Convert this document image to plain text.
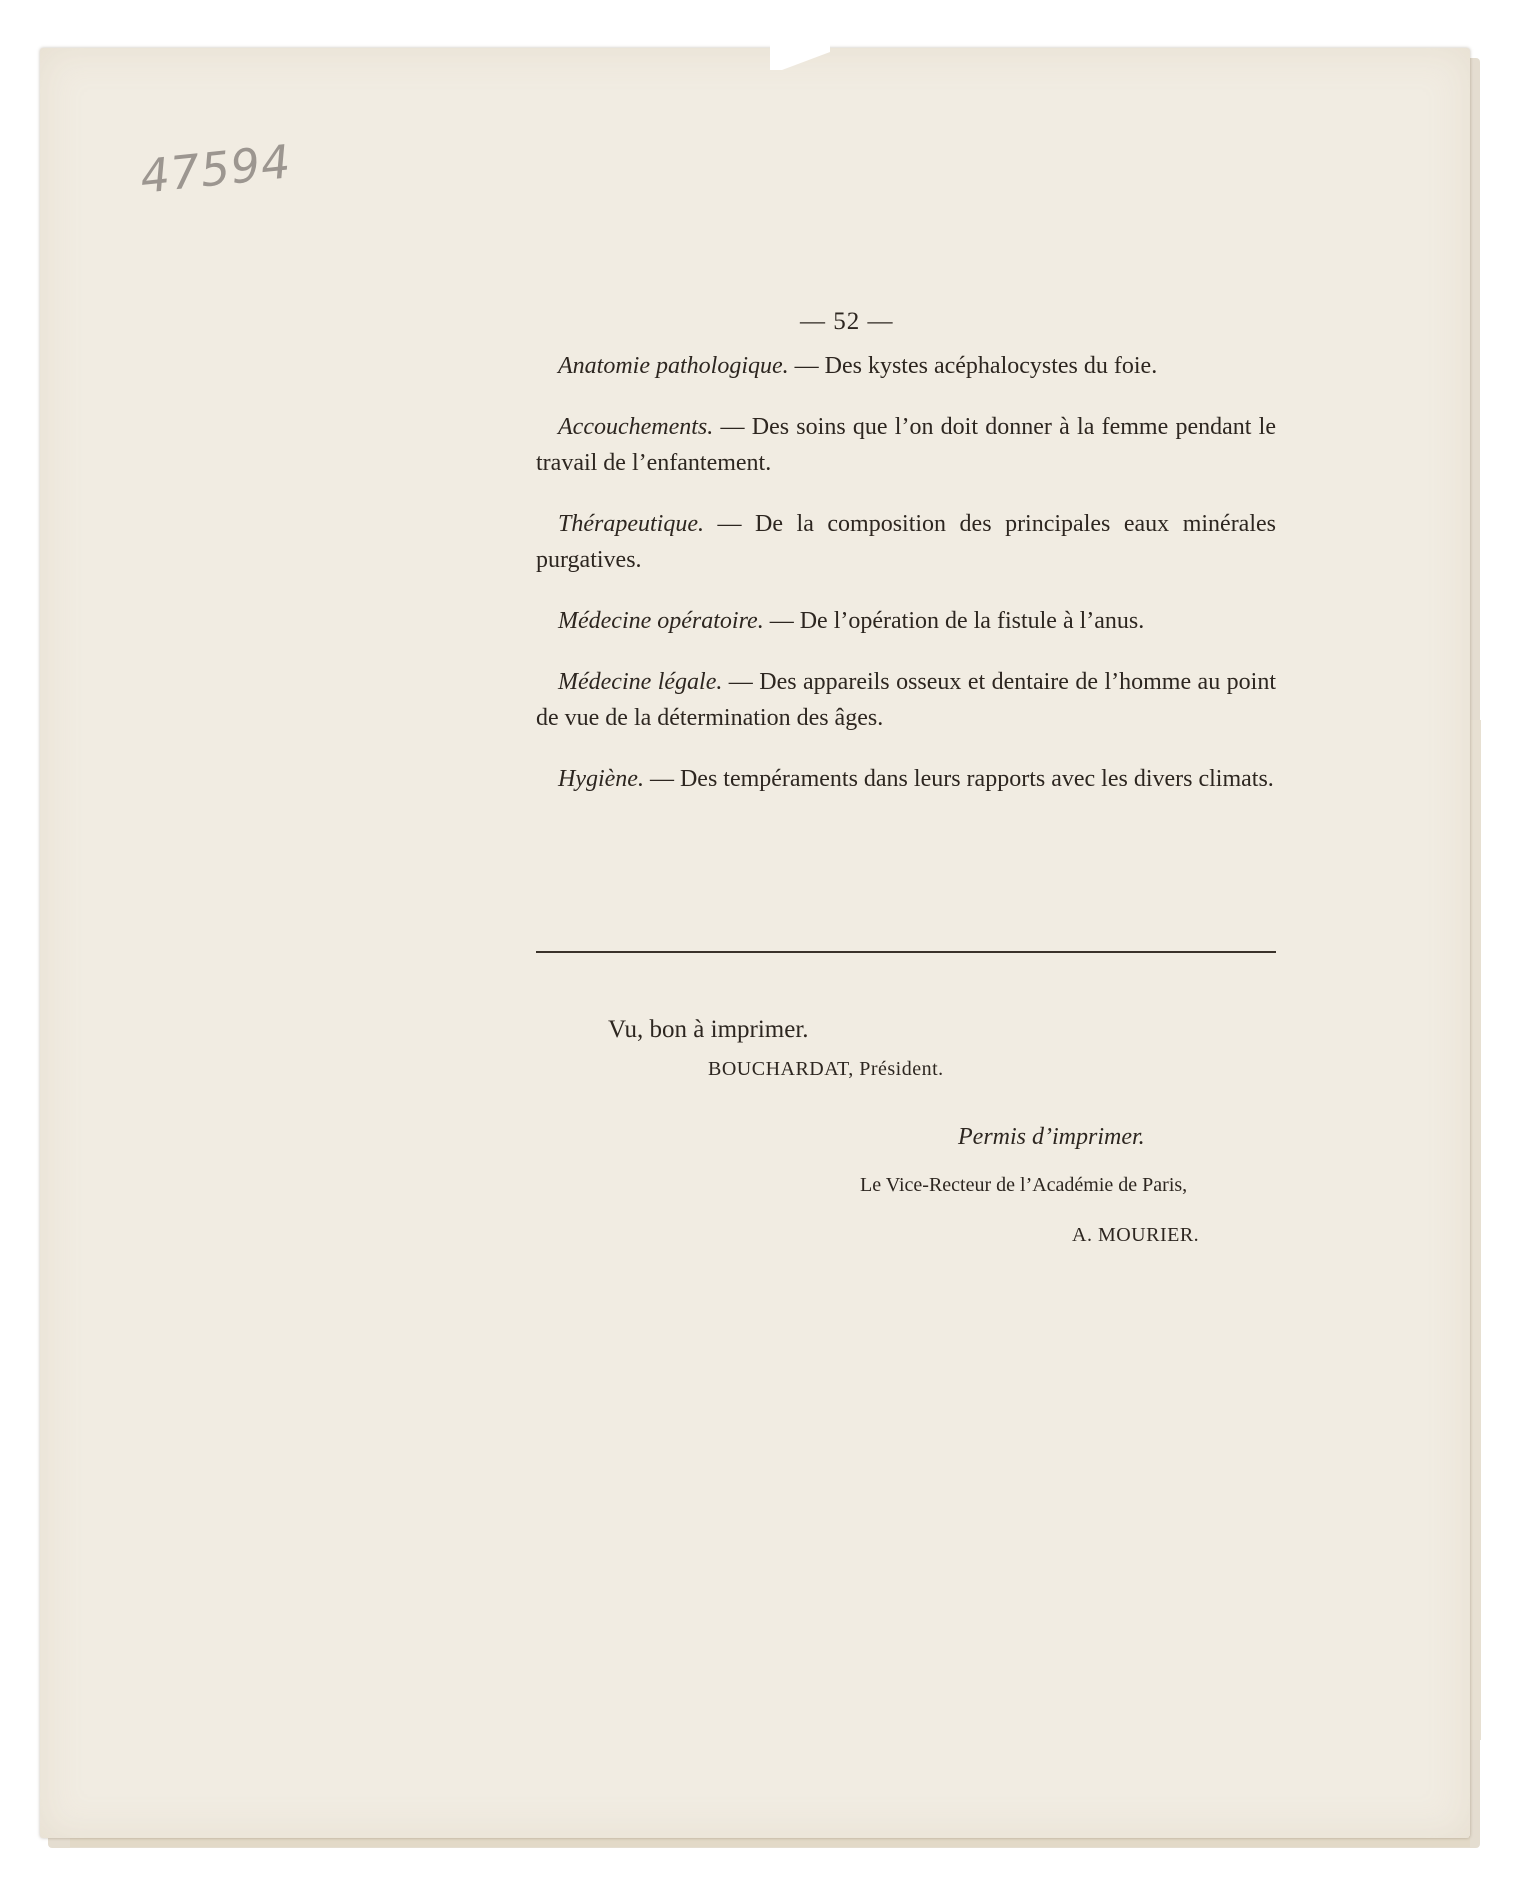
47594
— 52 —

Anatomie pathologique. — Des kystes acéphalocystes du foie.

Accouchements. — Des soins que l’on doit donner à la femme pendant le travail de l’enfantement.

Thérapeutique. — De la composition des principales eaux minérales purgatives.

Médecine opératoire. — De l’opération de la fistule à l’anus.

Médecine légale. — Des appareils osseux et dentaire de l’homme au point de vue de la détermination des âges.

Hygiène. — Des tempéraments dans leurs rapports avec les divers climats.

Vu, bon à imprimer.
BOUCHARDAT, Président.
Permis d’imprimer.
Le Vice-Recteur de l’Académie de Paris,
A. MOURIER.
